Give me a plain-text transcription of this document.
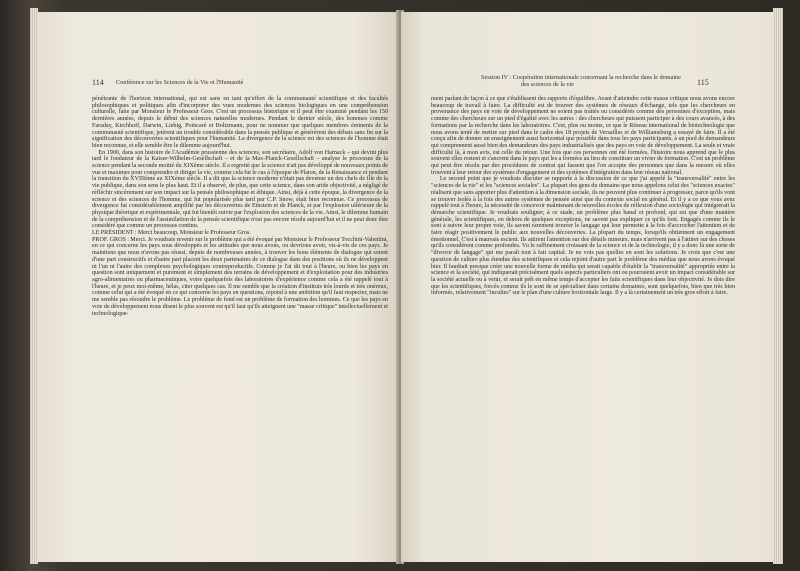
114 Conférence sur les Sciences de la Vie et l'Humanité
pénétrante de l'horizon international, qui est sans en tant qu'effort de la communauté scientifique et des facultés philosophiques et politiques afin d'incorporer des vues modernes des sciences biologiques en une compréhension culturelle, faite par Monsieur le Professeur Gros. C'est un processus historique et il peut être examiné pendant les 150 dernières années, depuis le début des sciences naturelles modernes. Pendant le dernier siècle, des hommes comme Faraday, Kirchhoff, Darwin, Liebig, Poincaré et Boltzmann, pour ne nommer que quelques membres éminents de la communauté scientifique, jetèrent un trouble considérable dans la pensée publique et générèrent des débats sans fin sur la signification des découvertes scientifiques pour l'humanité. La divergence de la science est des sciences de l'homme était bien reconnue, et elle semble être le dilemme aujourd'hui.
En 1900, dans son histoire de l'Académie prussienne des sciences, son secrétaire, Adolf von Harnack – qui devint plus tard le fondateur de la Kaiser-Wilhelm-Gesellschaft – et de la Max-Planck-Gesellschaft – analyse le processus de la science pendant la seconde moitié du XIXème siècle. Il a regretté que la science n'ait pas développé de nouveaux points de vue et maximes pour comprendre et diriger la vie, comme cela fut le cas à l'époque de Platon, de la Renaissance et pendant la transition du XVIIIème au XIXème siècle. Il a dit que la science moderne n'était pas devenue un des chefs de file de la vie publique, dans son sens le plus haut. Et il a observé, de plus, que cette science, dans son aride objectivité, a négligé de réfléchir sincèrement sur son impact sur la pensée philosophique et éthique. Ainsi, déjà à cette époque, la divergence de la science et des sciences de l'homme, qui fut popularisée plus tard par C.P. Snow, était bien reconnue. Ce processus de divergence fut considérablement amplifié par les découvertes de Einstein et de Planck, et par l'explosion ultérieure de la physique théorique et expérimentale, qui fut bientôt suivie par l'explosion des sciences de la vie. Ainsi, le dilemme humain de la compréhension et de l'assimilation de la pensée scientifique n'est pas encore résolu aujourd'hui et il ne peut donc être considéré que comme un processus continu.
LE PRÉSIDENT : Merci beaucoup, Monsieur le Professeur Gros.
PROF. GROS : Merci. Je voudrais revenir sur le problème qui a été évoqué par Monsieur le Professeur Tocchini-Valentini, en ce qui concerne les pays sous développés et les attitudes que nous avons, ou devrions avoir, vis-à-vis de ces pays. Je maintiens que nous n'avons pas réussi, depuis de nombreuses années, à trouver les bons éléments de dialogue qui soient d'une part constructifs et d'autre part placent les deux partenaires de ce dialogue dans des positions où ils ne développent ni l'un ni l'autre des complexes psychologiques contreproductifs. Comme je l'ai dit tout à l'heure, ou bien les pays en question sont uniquement et purement et simplement des terrains de développement et d'exploitation pour des industries agro-alimentaires ou pharmaceutiques, voire quelquefois des laboratoires d'expérience comme cela a été rappelé tout à l'heure, et je peux moi-même, hélas, citer quelques cas. Il me semble que la création d'instituts très lourds et très onéreux, comme celui qui a été évoqué en ce qui concerne les pays en questions, répond à une ambition qu'il faut respecter, mais ne me semble pas résoudre le problème. Le problème de fond est un problème de formation des hommes. Ce que les pays en voie de développement nous disent le plus souvent est qu'il faut qu'ils atteignent une "masse critique" intellectuellement et technologique-
Session IV : Coopération internationale concernant la recherche dans le domaine
des sciences de la vie	115
ment parlant de façon à ce que s'établissent des rapports d'équilibre. Avant d'atteindre cette masse critique nous avons encore beaucoup de travail à faire. La difficulté est de trouver des systèmes de réseaux d'échange, tels que les chercheurs en provenance des pays en voie de développement ne soient pas traités ou considérés comme des personnes d'exception, mais comme des chercheurs sur un pied d'égalité avec les autres : des chercheurs qui puissent participer à des cours avancés, à des formations par la recherche dans les laboratoires. C'est, plus ou moins, ce que le Réseau international de biotechnologie que nous avons tenté de mettre sur pied dans le cadre des 18 projets de Versailles et de Williamsburg a essayé de faire. Il a été conçu afin de donner un enseignement aussi horizontal que possible dans tous les pays participants, à un pool de demandeurs qui comprennent aussi bien des demandeurs des pays industrialisés que des pays en voie de développement. La seule et vraie difficulté là, à mon avis, est celle du retour. Une fois que ces personnes ont été formées, l'histoire nous apprend que le plus souvent elles restent et s'ancrent dans le pays qui les a formées au lieu de constituer un vivier de formation. C'est un problème qui peut être résolu par des procédures de contrat qui fassent que l'on accepte des personnes que dans la mesure où elles trouvent à leur retour des systèmes d'engagement et des systèmes d'intégration dans leur réseau national.
Le second point que je voudrais discuter se rapporte à la discussion de ce que j'ai appelé la "transversalité" entre les "sciences de la vie" et les "sciences sociales". La plupart des gens du domaine que nous appelons celui des "sciences exactes" réalisent que sans apporter plus d'attention à la dimension sociale, ils ne peuvent plus continuer à progresser, parce qu'ils vont se trouver isolés à la fois des autres systèmes de pensée ainsi que du contexte social en général. Et il y a ce que vous avez rappelé tout à l'heure, la nécessité de concevoir maintenant de nouvelles écoles de réflexion d'une sociologie qui intégrerait la démarche scientifique. Je voudrais souligner, à ce stade, un problème plus banal et profond, qui est que d'une manière générale, les scientifiques, en dehors de quelques exceptions, ne savent pas expliquer ce qu'ils font. Engagés comme ils le sont à suivre leur propre voie, ils savent rarement trouver le langage qui leur permette à la fois d'accrocher l'attention et de faire réagir positivement le public aux nouvelles découvertes. La plupart du temps, lorsqu'ils obtiennent un engagement émotionnel, C'est à mauvais escient. Ils attirent l'attention sur des détails mineurs, mais n'arrivent pas à l'attirer sur des choses qu'ils considèrent comme profondes. Vu le raffinement croissant de la science et de la technologie, il y a donc là une sorte de "divorce de langage" qui me paraît tout à fait capital. Je ne vois pas quelles en sont les solutions. Je crois que c'est une question de culture plus étendue des scientifiques et cela rejoint d'autre part le problème des médias que nous avons évoqué hier. Il faudrait presque créer une nouvelle forme de média qui serait capable d'établir la "transversalité" appropriée entre la science et la société, qui indiquerait précisément quels aspects particuliers ont ou pourraient avoir un impact considérable sur la société actuelle ou à venir, et serait prêt en même temps d'accepter les faits scientifiques dans leur objectivité. Je dois dire que les scientifiques, forcés comme ils le sont de se spécialiser dans certains domaines, sont quelquefois, bien que très bien informés, relativement "incultes" sur le plan d'une culture horizontale large. Il y a là certainement un très gros effort à faire.
